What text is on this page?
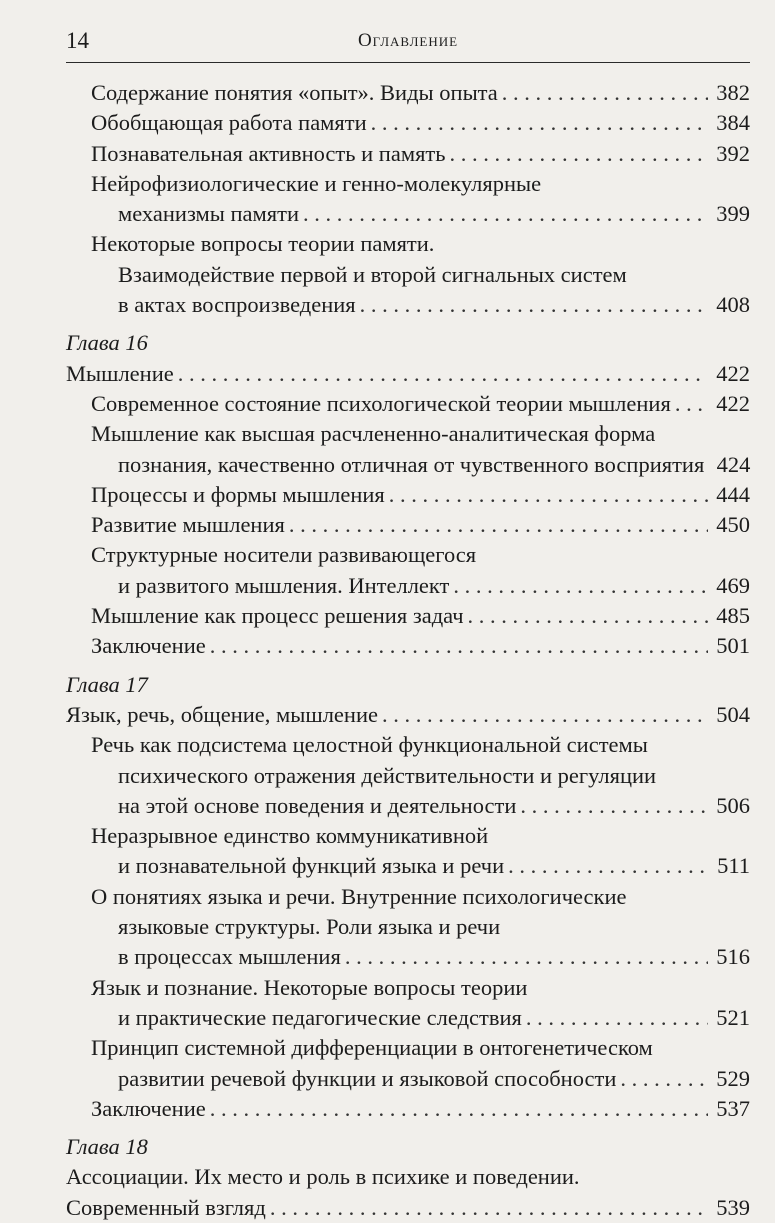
14	Оглавление
Содержание понятия «опыт». Виды опыта . . .	382
Обобщающая работа памяти . . .	384
Познавательная активность и память . . .	392
Нейрофизиологические и генно-молекулярные
механизмы памяти . . .	399
Некоторые вопросы теории памяти.
Взаимодействие первой и второй сигнальных систем
в актах воспроизведения . . .	408
Глава 16
Мышление . . .	422
Современное состояние психологической теории мышления . . . 422
Мышление как высшая расчлененно-аналитическая форма
познания, качественно отличная от чувственного восприятия 424
Процессы и формы мышления . . .	444
Развитие мышления . . .	450
Структурные носители развивающегося
и развитого мышления. Интеллект . . .	469
Мышление как процесс решения задач . . .	485
Заключение . . .	501
Глава 17
Язык, речь, общение, мышление . . .	504
Речь как подсистема целостной функциональной системы
психического отражения действительности и регуляции
на этой основе поведения и деятельности . . .	506
Неразрывное единство коммуникативной
и познавательной функций языка и речи . . .	511
О понятиях языка и речи. Внутренние психологические
языковые структуры. Роли языка и речи
в процессах мышления . . .	516
Язык и познание. Некоторые вопросы теории
и практические педагогические следствия . . .	521
Принцип системной дифференциации в онтогенетическом
развитии речевой функции и языковой способности . . .	529
Заключение . . .	537
Глава 18
Ассоциации. Их место и роль в психике и поведении.
Современный взгляд . . .	539
